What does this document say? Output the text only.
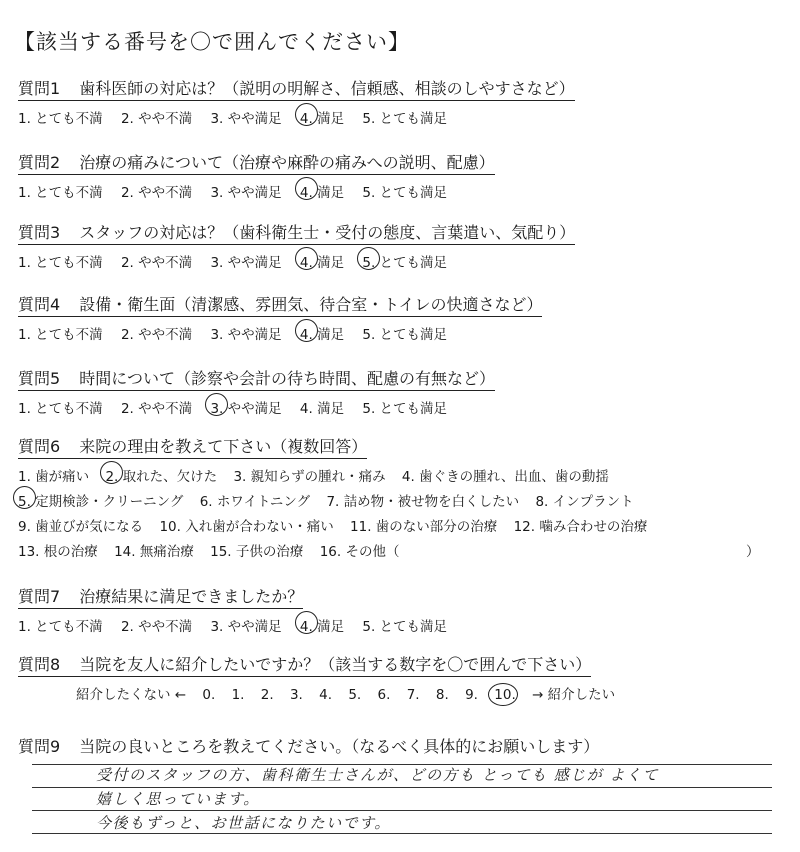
【該当する番号を〇で囲んでください】
質問1 歯科医師の対応は？（説明の明解さ、信頼感、相談のしやすさなど）
1. とても不満 2. やや不満 3. やや満足 4. 満足 5. とても満足
質問2 治療の痛みについて（治療や麻酔の痛みへの説明、配慮）
1. とても不満 2. やや不満 3. やや満足 4. 満足 5. とても満足
質問3 スタッフの対応は？（歯科衛生士・受付の態度、言葉遣い、気配り）
1. とても不満 2. やや不満 3. やや満足 4. 満足 5. とても満足
質問4 設備・衛生面（清潔感、雰囲気、待合室・トイレの快適さなど）
1. とても不満 2. やや不満 3. やや満足 4. 満足 5. とても満足
質問5 時間について（診察や会計の待ち時間、配慮の有無など）
1. とても不満 2. やや不満 3. やや満足 4. 満足 5. とても満足
質問6 来院の理由を教えて下さい（複数回答）
1. 歯が痛い 2. 取れた、欠けた 3. 親知らずの腫れ・痛み 4. 歯ぐきの腫れ、出血、歯の動揺
5. 定期検診・クリーニング 6. ホワイトニング 7. 詰め物・被せ物を白くしたい 8. インプラント
9. 歯並びが気になる 10. 入れ歯が合わない・痛い 11. 歯のない部分の治療 12. 噛み合わせの治療
13. 根の治療 14. 無痛治療 15. 子供の治療 16. その他（	）
質問7 治療結果に満足できましたか？
1. とても不満 2. やや不満 3. やや満足 4. 満足 5. とても満足
質問8 当院を友人に紹介したいですか？（該当する数字を〇で囲んで下さい）
紹介したくない ← 0. 1. 2. 3. 4. 5. 6. 7. 8. 9. 10. → 紹介したい
質問9 当院の良いところを教えてください。（なるべく具体的にお願いします）
受付のスタッフの方、歯科衛生士さんが、どの方も とっても 感じが よくて
嬉しく思っています。
今後もずっと、お世話になりたいです。
